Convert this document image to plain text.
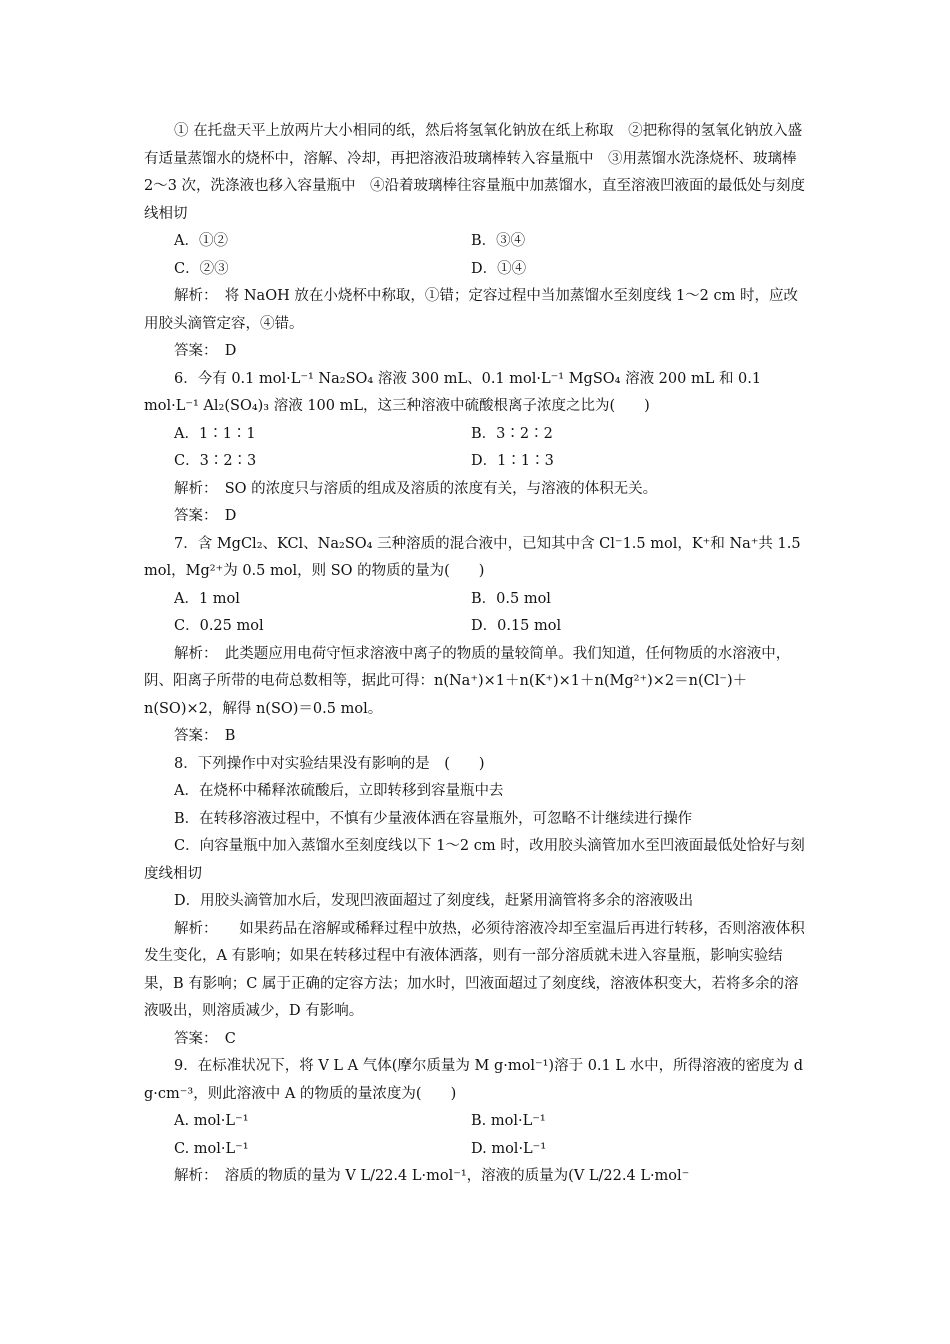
① 在托盘天平上放两片大小相同的纸，然后将氢氧化钠放在纸上称取　②把称得的氢氧化钠放入盛有适量蒸馏水的烧杯中，溶解、冷却，再把溶液沿玻璃棒转入容量瓶中　③用蒸馏水洗涤烧杯、玻璃棒 2～3 次，洗涤液也移入容量瓶中　④沿着玻璃棒往容量瓶中加蒸馏水，直至溶液凹液面的最低处与刻度线相切

A．①②	B．③④
C．②③	D．①④

解析：　将 NaOH 放在小烧杯中称取，①错；定容过程中当加蒸馏水至刻度线 1～2 cm 时，应改用胶头滴管定容，④错。

答案：　D

6．今有 0.1 mol·L⁻¹ Na₂SO₄ 溶液 300 mL、0.1 mol·L⁻¹ MgSO₄ 溶液 200 mL 和 0.1 mol·L⁻¹ Al₂(SO₄)₃ 溶液 100 mL，这三种溶液中硫酸根离子浓度之比为(　　)

A．1∶1∶1	B．3∶2∶2
C．3∶2∶3	D．1∶1∶3

解析：　SO 的浓度只与溶质的组成及溶质的浓度有关，与溶液的体积无关。

答案：　D

7．含 MgCl₂、KCl、Na₂SO₄ 三种溶质的混合液中，已知其中含 Cl⁻1.5 mol，K⁺和 Na⁺共 1.5 mol，Mg²⁺为 0.5 mol，则 SO 的物质的量为(　　)

A．1 mol	B．0.5 mol
C．0.25 mol	D．0.15 mol

解析：　此类题应用电荷守恒求溶液中离子的物质的量较简单。我们知道，任何物质的水溶液中，阴、阳离子所带的电荷总数相等，据此可得：n(Na⁺)×1＋n(K⁺)×1＋n(Mg²⁺)×2＝n(Cl⁻)＋n(SO)×2，解得 n(SO)＝0.5 mol。

答案：　B

8．下列操作中对实验结果没有影响的是　(　　)

A．在烧杯中稀释浓硫酸后，立即转移到容量瓶中去

B．在转移溶液过程中，不慎有少量液体洒在容量瓶外，可忽略不计继续进行操作

C．向容量瓶中加入蒸馏水至刻度线以下 1～2 cm 时，改用胶头滴管加水至凹液面最低处恰好与刻度线相切

D．用胶头滴管加水后，发现凹液面超过了刻度线，赶紧用滴管将多余的溶液吸出

解析：　　如果药品在溶解或稀释过程中放热，必须待溶液冷却至室温后再进行转移，否则溶液体积发生变化，A 有影响；如果在转移过程中有液体洒落，则有一部分溶质就未进入容量瓶，影响实验结果，B 有影响；C 属于正确的定容方法；加水时，凹液面超过了刻度线，溶液体积变大，若将多余的溶液吸出，则溶质减少，D 有影响。

答案：　C

9．在标准状况下，将 V L A 气体(摩尔质量为 M g·mol⁻¹)溶于 0.1 L 水中，所得溶液的密度为 d g·cm⁻³，则此溶液中 A 的物质的量浓度为(　　)

A. mol·L⁻¹	B. mol·L⁻¹
C. mol·L⁻¹	D. mol·L⁻¹

解析：　溶质的物质的量为 V L/22.4 L·mol⁻¹，溶液的质量为(V L/22.4 L·mol⁻
